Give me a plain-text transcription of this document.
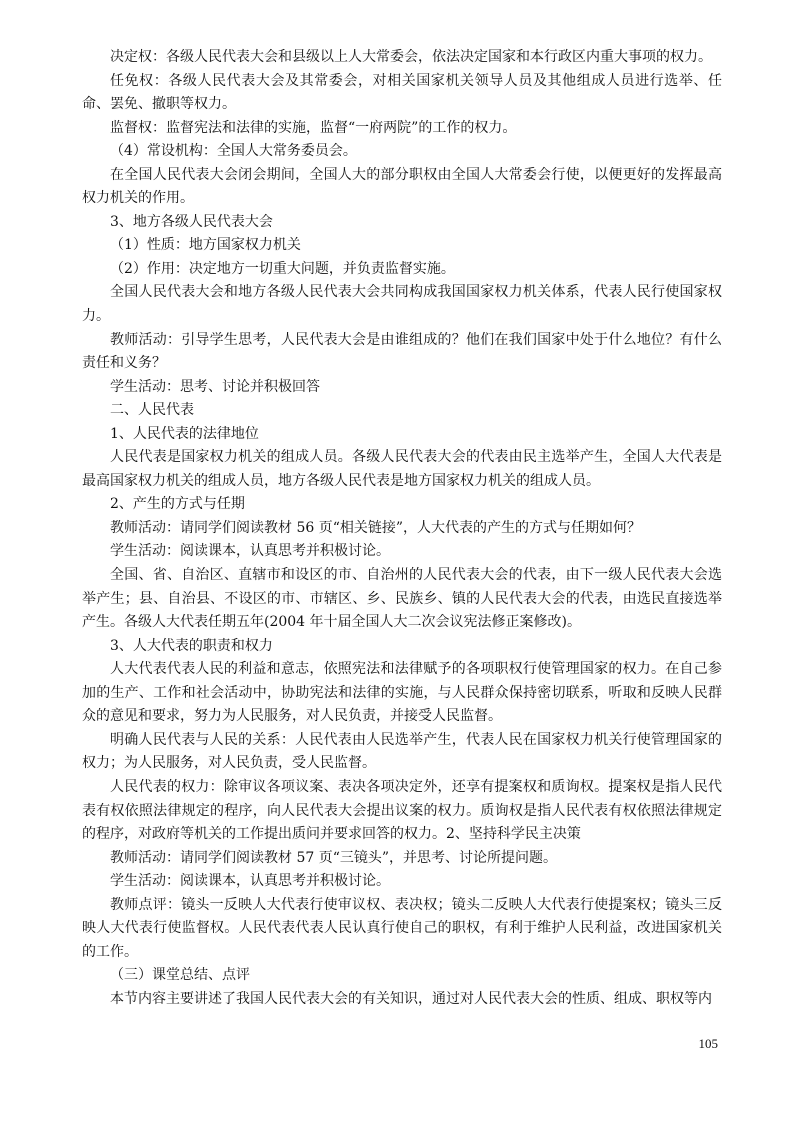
决定权：各级人民代表大会和县级以上人大常委会，依法决定国家和本行政区内重大事项的权力。

任免权：各级人民代表大会及其常委会，对相关国家机关领导人员及其他组成人员进行选举、任命、罢免、撤职等权力。

监督权：监督宪法和法律的实施，监督“一府两院”的工作的权力。

（4）常设机构：全国人大常务委员会。

在全国人民代表大会闭会期间，全国人大的部分职权由全国人大常委会行使，以便更好的发挥最高权力机关的作用。

3、地方各级人民代表大会

（1）性质：地方国家权力机关

（2）作用：决定地方一切重大问题，并负责监督实施。

全国人民代表大会和地方各级人民代表大会共同构成我国国家权力机关体系，代表人民行使国家权力。

教师活动：引导学生思考，人民代表大会是由谁组成的？他们在我们国家中处于什么地位？有什么责任和义务？

学生活动：思考、讨论并积极回答

二、人民代表

1、人民代表的法律地位

人民代表是国家权力机关的组成人员。各级人民代表大会的代表由民主选举产生，全国人大代表是最高国家权力机关的组成人员，地方各级人民代表是地方国家权力机关的组成人员。

2、产生的方式与任期

教师活动：请同学们阅读教材 56 页“相关链接”，人大代表的产生的方式与任期如何？

学生活动：阅读课本，认真思考并积极讨论。

全国、省、自治区、直辖市和设区的市、自治州的人民代表大会的代表，由下一级人民代表大会选举产生；县、自治县、不设区的市、市辖区、乡、民族乡、镇的人民代表大会的代表，由选民直接选举产生。各级人大代表任期五年(2004 年十届全国人大二次会议宪法修正案修改)。

3、人大代表的职责和权力

人大代表代表人民的利益和意志，依照宪法和法律赋予的各项职权行使管理国家的权力。在自己参加的生产、工作和社会活动中，协助宪法和法律的实施，与人民群众保持密切联系，听取和反映人民群众的意见和要求，努力为人民服务，对人民负责，并接受人民监督。

明确人民代表与人民的关系：人民代表由人民选举产生，代表人民在国家权力机关行使管理国家的权力；为人民服务，对人民负责，受人民监督。

人民代表的权力：除审议各项议案、表决各项决定外，还享有提案权和质询权。提案权是指人民代表有权依照法律规定的程序，向人民代表大会提出议案的权力。质询权是指人民代表有权依照法律规定的程序，对政府等机关的工作提出质问并要求回答的权力。2、坚持科学民主决策

教师活动：请同学们阅读教材 57 页“三镜头”，并思考、讨论所提问题。

学生活动：阅读课本，认真思考并积极讨论。

教师点评：镜头一反映人大代表行使审议权、表决权；镜头二反映人大代表行使提案权；镜头三反映人大代表行使监督权。人民代表代表人民认真行使自己的职权，有利于维护人民利益，改进国家机关的工作。

（三）课堂总结、点评

本节内容主要讲述了我国人民代表大会的有关知识，通过对人民代表大会的性质、组成、职权等内

105
